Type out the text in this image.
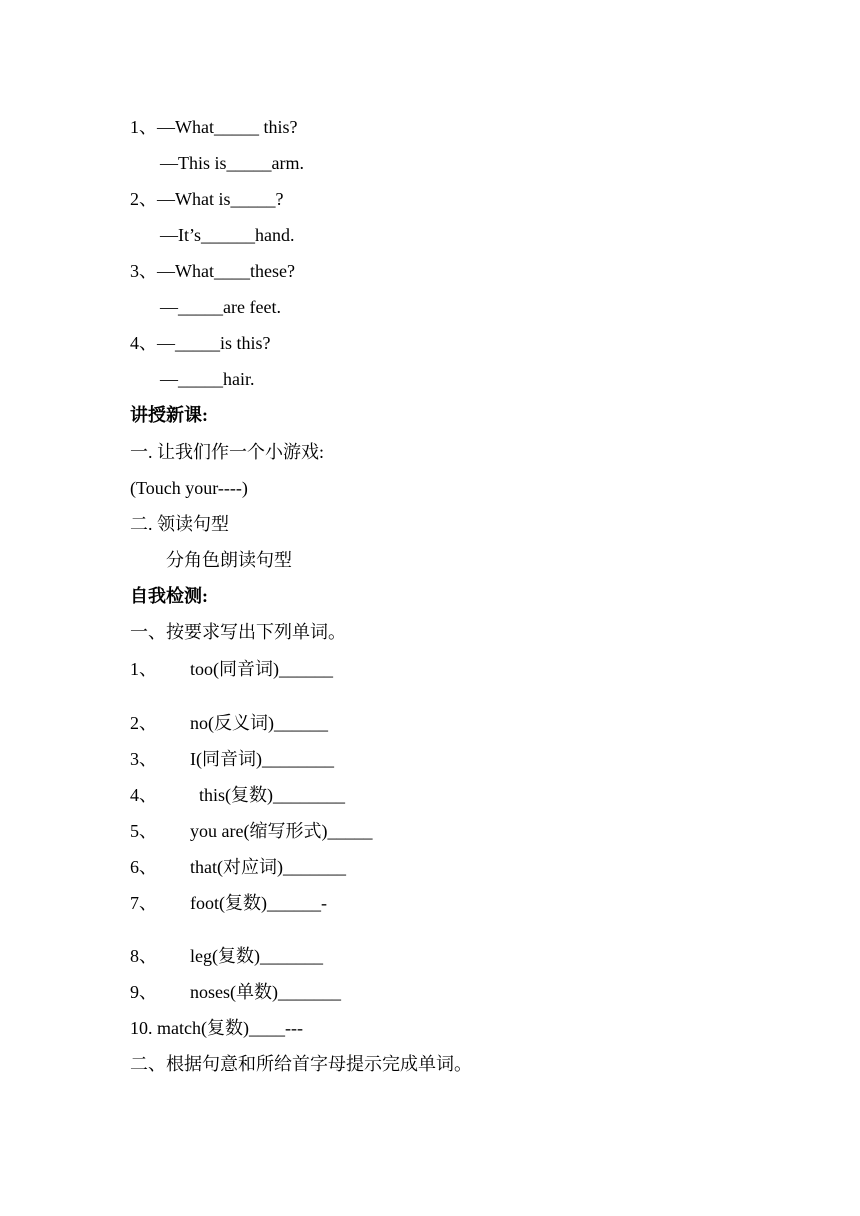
1、—What_____ this?
—This is_____arm.
2、—What is_____?
—It’s______hand.
3、—What____these?
—_____are feet.
4、—_____is this?
—_____hair.
讲授新课:
一. 让我们作一个小游戏:
(Touch your----)
二. 领读句型
分角色朗读句型
自我检测:
一、按要求写出下列单词。
1、 too(同音词)______
2、 no(反义词)______
3、 I(同音词)________
4、 this(复数)________
5、 you are(缩写形式)_____
6、 that(对应词)_______
7、 foot(复数)______-
8、 leg(复数)_______
9、 noses(单数)_______
10. match(复数)____---
二、根据句意和所给首字母提示完成单词。
